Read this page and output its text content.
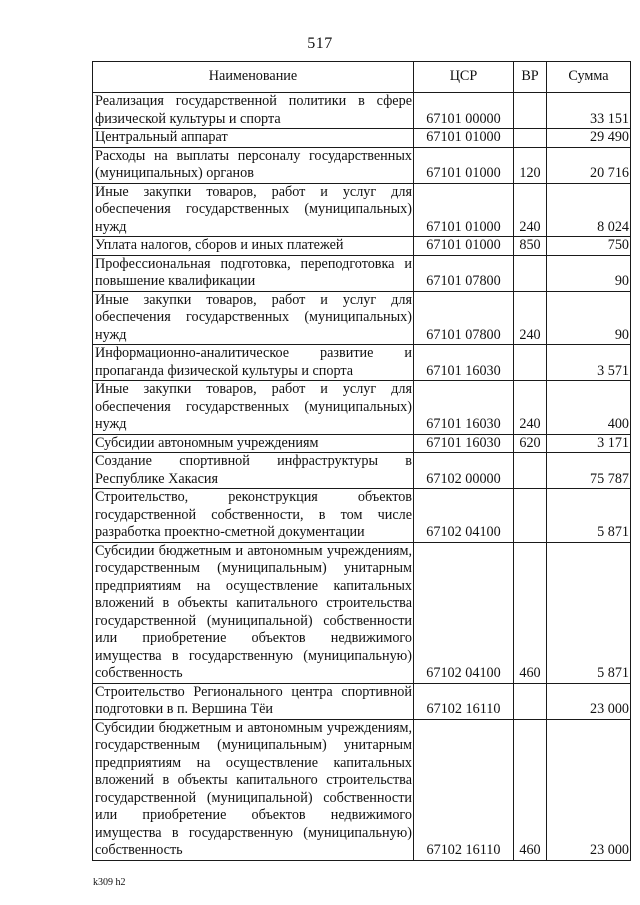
517
Наименование	ЦСР	ВР	Сумма
Реализация государственной политики в сфере физической культуры и спорта	67101 00000		33 151
Центральный аппарат	67101 01000		29 490
Расходы на выплаты персоналу государственных (муниципальных) органов	67101 01000	120	20 716
Иные закупки товаров, работ и услуг для обеспечения государственных (муниципальных) нужд	67101 01000	240	8 024
Уплата налогов, сборов и иных платежей	67101 01000	850	750
Профессиональная подготовка, переподготовка и повышение квалификации	67101 07800		90
Иные закупки товаров, работ и услуг для обеспечения государственных (муниципальных) нужд	67101 07800	240	90
Информационно-аналитическое развитие и пропаганда физической культуры и спорта	67101 16030		3 571
Иные закупки товаров, работ и услуг для обеспечения государственных (муниципальных) нужд	67101 16030	240	400
Субсидии автономным учреждениям	67101 16030	620	3 171
Создание спортивной инфраструктуры в Республике Хакасия	67102 00000		75 787
Строительство, реконструкция объектов государственной собственности, в том числе разработка проектно-сметной документации	67102 04100		5 871
Субсидии бюджетным и автономным учреждениям, государственным (муниципальным) унитарным предприятиям на осуществление капитальных вложений в объекты капитального строительства государственной (муниципальной) собственности или приобретение объектов недвижимого имущества в государственную (муниципальную) собственность	67102 04100	460	5 871
Строительство Регионального центра спортивной подготовки в п. Вершина Тёи	67102 16110		23 000
Субсидии бюджетным и автономным учреждениям, государственным (муниципальным) унитарным предприятиям на осуществление капитальных вложений в объекты капитального строительства государственной (муниципальной) собственности или приобретение объектов недвижимого имущества в государственную (муниципальную) собственность	67102 16110	460	23 000
k309 h2
